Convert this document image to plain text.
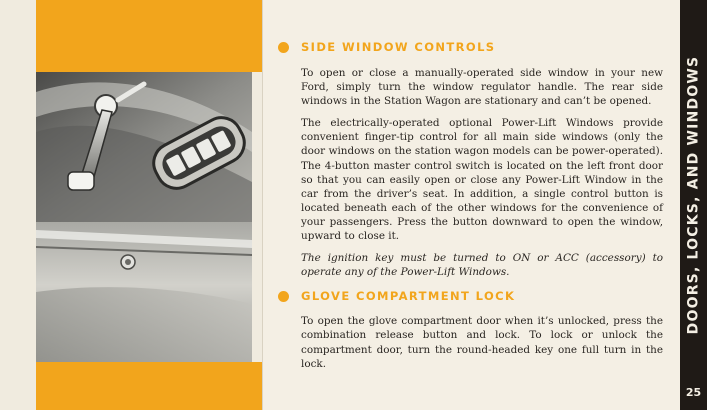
SIDE WINDOW CONTROLS

To open or close a manually-operated side window in your new Ford, simply turn the window regulator handle. The rear side windows in the Station Wagon are stationary and can’t be opened.

The electrically-operated optional Power-Lift Windows provide convenient finger-tip control for all main side windows (only the door windows on the station wagon models can be power-operated). The 4-button master control switch is located on the left front door so that you can easily open or close any Power-Lift Window in the car from the driver’s seat. In addition, a single control button is located beneath each of the other windows for the convenience of your passengers. Press the button downward to open the window, upward to close it.

The ignition key must be turned to ON or ACC (accessory) to operate any of the Power-Lift Windows.

GLOVE COMPARTMENT LOCK

To open the glove compartment door when it’s unlocked, press the combination release button and lock. To lock or unlock the compartment door, turn the round-headed key one full turn in the lock.

DOORS, LOCKS, AND WINDOWS
25
